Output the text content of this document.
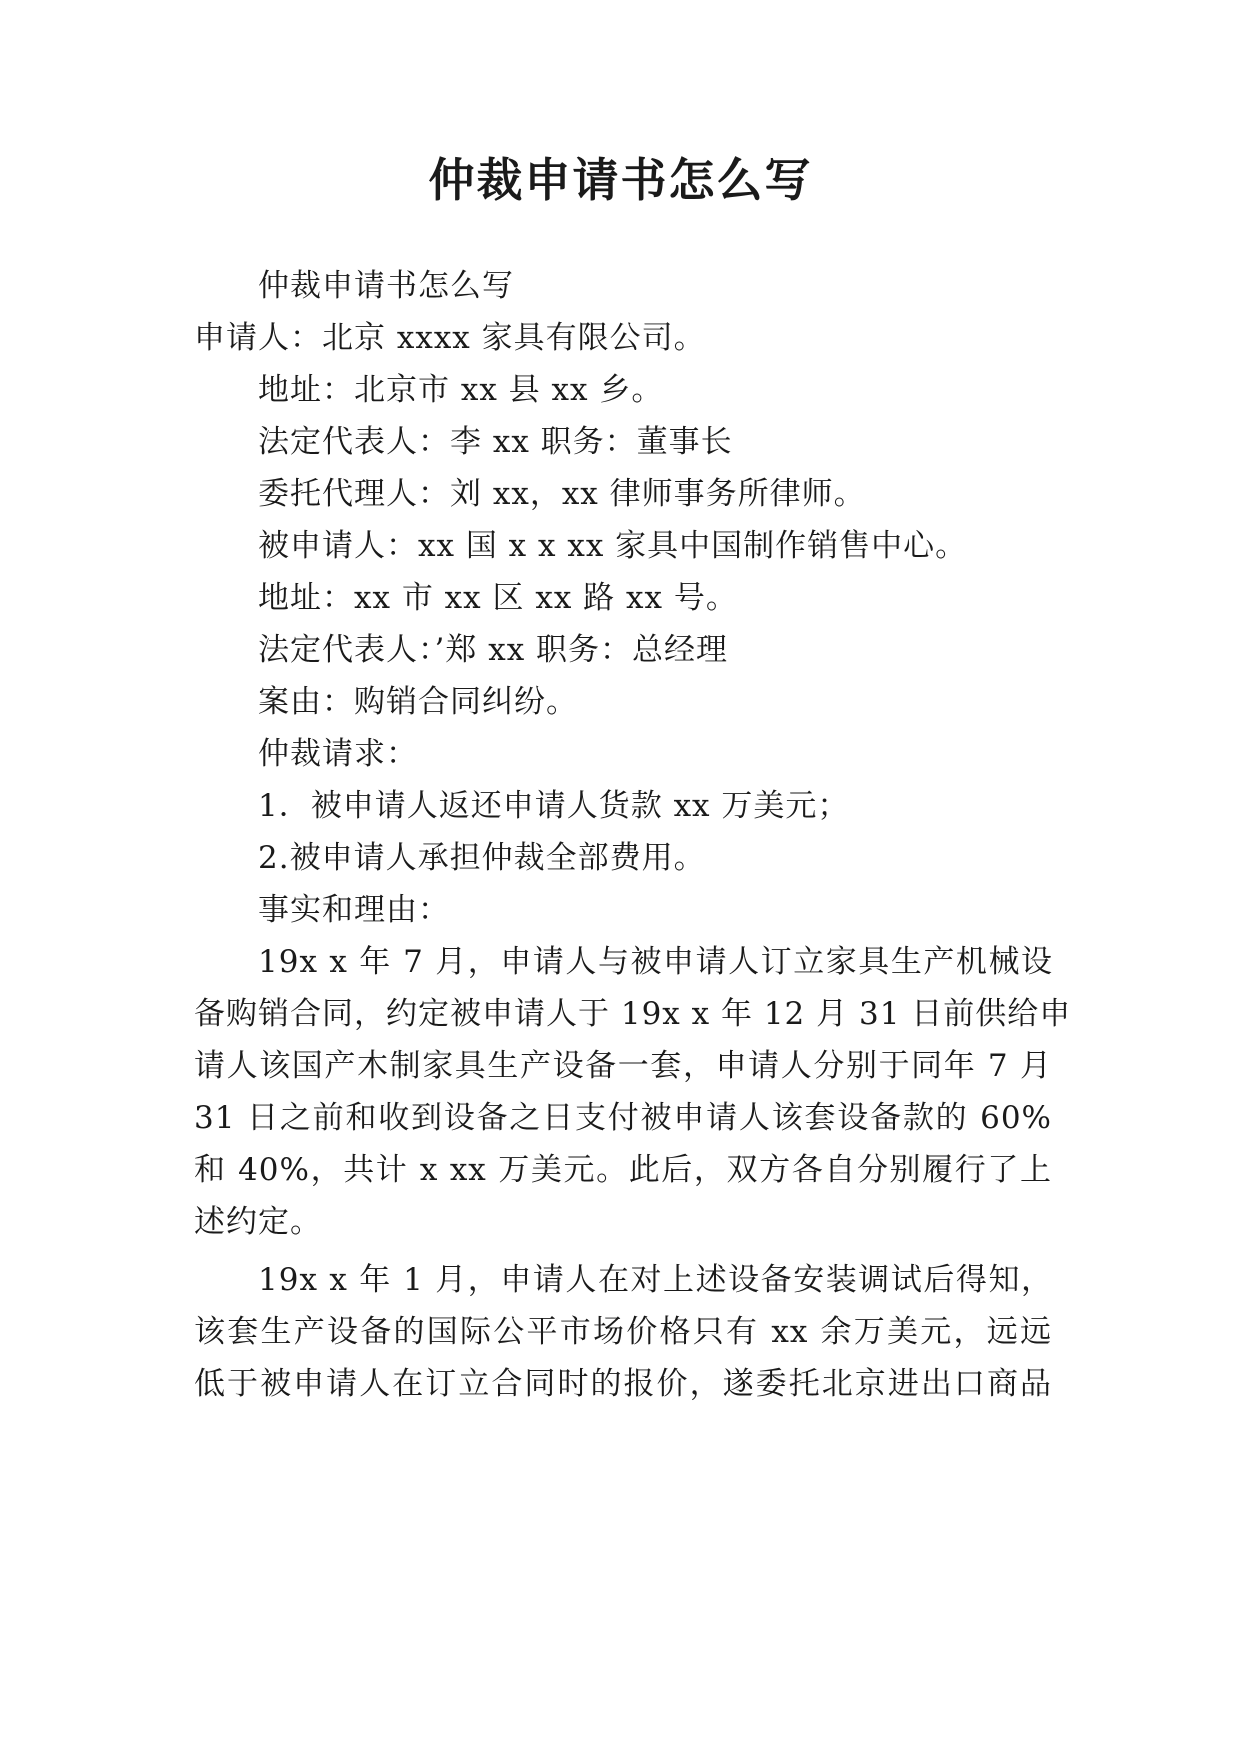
仲裁申请书怎么写

仲裁申请书怎么写

申请人：北京 xxxx 家具有限公司。

地址：北京市 xx 县 xx 乡。

法定代表人：李 xx 职务：董事长

委托代理人：刘 xx，xx 律师事务所律师。

被申请人：xx 国 x x xx 家具中国制作销售中心。

地址：xx 市 xx 区 xx 路 xx 号。

法定代表人：’郑 xx 职务：总经理

案由：购销合同纠纷。

仲裁请求：

1．被申请人返还申请人货款 xx 万美元；

2.被申请人承担仲裁全部费用。

事实和理由：

19x x 年 7 月，申请人与被申请人订立家具生产机械设

备购销合同，约定被申请人于 19x x 年 12 月 31 日前供给申

请人该国产木制家具生产设备一套，申请人分别于同年 7 月

31 日之前和收到设备之日支付被申请人该套设备款的 60%

和 40%，共计 x xx 万美元。此后，双方各自分别履行了上

述约定。

19x x 年 1 月，申请人在对上述设备安装调试后得知，

该套生产设备的国际公平市场价格只有 xx 余万美元，远远

低于被申请人在订立合同时的报价，遂委托北京进出口商品
